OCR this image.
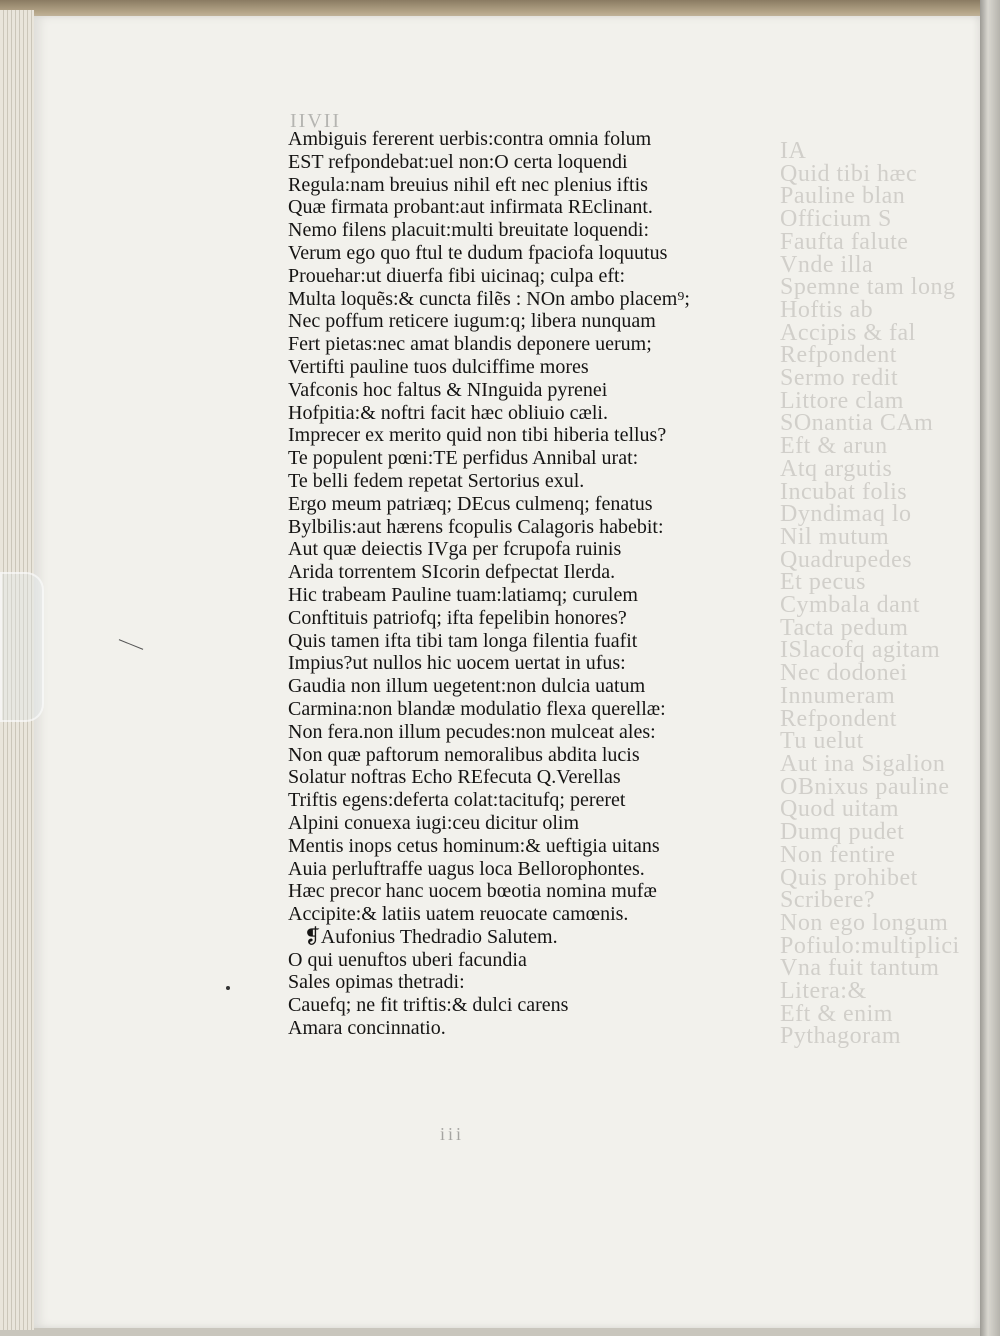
IA
Quid tibi hæc
Pauline blan
Officium S
Faufta falute
Vnde illa
Spemne tam long
Hoftis ab
Accipis & fal
Refpondent
Sermo redit
Littore clam
SOnantia CAm
Eft & arun
Atq argutis
Incubat folis
Dyndimaq lo
Nil mutum
Quadrupedes
Et pecus
Cymbala dant
Tacta pedum
ISlacofq agitam
Nec dodonei
Innumeram
Refpondent
Tu uelut
Aut ina Sigalion
OBnixus pauline
Quod uitam
Dumq pudet
Non fentire
Quis prohibet
Scribere?
Non ego longum
Pofiulo:multiplici
Vna fuit tantum
Litera:&
Eft & enim
Pythagoram
IIVII
Ambiguis fererent uerbis:contra omnia folum
EST refpondebat:uel non:O certa loquendi
Regula:nam breuius nihil eft nec plenius iftis
Quæ firmata probant:aut infirmata REclinant.
Nemo filens placuit:multi breuitate loquendi:
Verum ego quo ftul te dudum fpaciofa loquutus
Prouehar:ut diuerfa fibi uicinaq; culpa eft:
Multa loquẽs:& cuncta filẽs : NOn ambo placem⁹;
Nec poffum reticere iugum:q; libera nunquam
Fert pietas:nec amat blandis deponere uerum;
Vertifti pauline tuos dulciffime mores
Vafconis hoc faltus & NInguida pyrenei
Hofpitia:& noftri facit hæc obliuio cæli.
Imprecer ex merito quid non tibi hiberia tellus?
Te populent pœni:TE perfidus Annibal urat:
Te belli fedem repetat Sertorius exul.
Ergo meum patriæq; DEcus culmenq; fenatus
Bylbilis:aut hærens fcopulis Calagoris habebit:
Aut quæ deiectis IVga per fcrupofa ruinis
Arida torrentem SIcorin defpectat Ilerda.
Hic trabeam Pauline tuam:latiamq; curulem
Conftituis patriofq; ifta fepelibin honores?
Quis tamen ifta tibi tam longa filentia fuafit
Impius?ut nullos hic uocem uertat in ufus:
Gaudia non illum uegetent:non dulcia uatum
Carmina:non blandæ modulatio flexa querellæ:
Non fera.non illum pecudes:non mulceat ales:
Non quæ paftorum nemoralibus abdita lucis
Solatur noftras Echo REfecuta Q.Verellas
Triftis egens:deferta colat:tacitufq; pereret
Alpini conuexa iugi:ceu dicitur olim
Mentis inops cetus hominum:& ueftigia uitans
Auia perluftraffe uagus loca Bellorophontes.
Hæc precor hanc uocem bœotia nomina mufæ
Accipite:& latiis uatem reuocate camœnis.
❡Aufonius Thedradio Salutem.
O qui uenuftos uberi facundia
Sales opimas thetradi:
Cauefq; ne fit triftis:& dulci carens
Amara concinnatio.
iii
